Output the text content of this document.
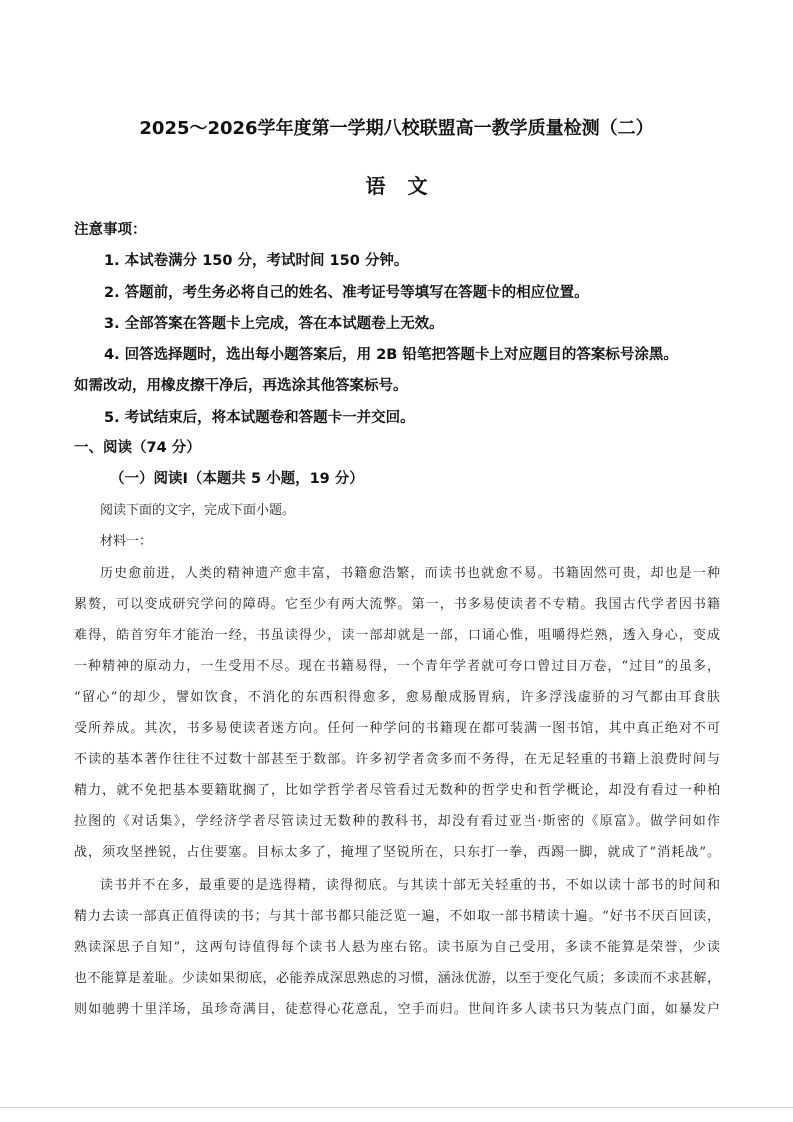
2025～2026学年度第一学期八校联盟高一教学质量检测（二）
语文
注意事项：
1. 本试卷满分 150 分，考试时间 150 分钟。
2. 答题前，考生务必将自己的姓名、准考证号等填写在答题卡的相应位置。
3. 全部答案在答题卡上完成，答在本试题卷上无效。
4. 回答选择题时，选出每小题答案后，用 2B 铅笔把答题卡上对应题目的答案标号涂黑。
如需改动，用橡皮擦干净后，再选涂其他答案标号。
5. 考试结束后，将本试题卷和答题卡一并交回。
一、阅读（74 分）
（一）阅读Ⅰ（本题共 5 小题，19 分）
阅读下面的文字，完成下面小题。
材料一：
历史愈前进，人类的精神遗产愈丰富，书籍愈浩繁，而读书也就愈不易。书籍固然可贵，却也是一种
累赘，可以变成研究学问的障碍。它至少有两大流弊。第一，书多易使读者不专精。我国古代学者因书籍
难得，皓首穷年才能治一经，书虽读得少，读一部却就是一部，口诵心惟，咀嚼得烂熟，透入身心，变成
一种精神的原动力，一生受用不尽。现在书籍易得，一个青年学者就可夸口曾过目万卷，“过目”的虽多，
“留心”的却少，譬如饮食，不消化的东西积得愈多，愈易酿成肠胃病，许多浮浅虚骄的习气都由耳食肤
受所养成。其次，书多易使读者迷方向。任何一种学问的书籍现在都可装满一图书馆，其中真正绝对不可
不读的基本著作往往不过数十部甚至于数部。许多初学者贪多而不务得，在无足轻重的书籍上浪费时间与
精力，就不免把基本要籍耽搁了，比如学哲学者尽管看过无数种的哲学史和哲学概论，却没有看过一种柏
拉图的《对话集》，学经济学者尽管读过无数种的教科书，却没有看过亚当·斯密的《原富》。做学问如作
战，须攻坚挫锐，占住要塞。目标太多了，掩埋了坚锐所在，只东打一拳，西踢一脚，就成了“消耗战”。
读书并不在多，最重要的是选得精，读得彻底。与其读十部无关轻重的书，不如以读十部书的时间和
精力去读一部真正值得读的书；与其十部书都只能泛览一遍，不如取一部书精读十遍。“好书不厌百回读，
熟读深思子自知”，这两句诗值得每个读书人悬为座右铭。读书原为自己受用，多读不能算是荣誉，少读
也不能算是羞耻。少读如果彻底，必能养成深思熟虑的习惯，涵泳优游，以至于变化气质；多读而不求甚解，
则如驰骋十里洋场，虽珍奇满目，徒惹得心花意乱，空手而归。世间许多人读书只为装点门面，如暴发户
